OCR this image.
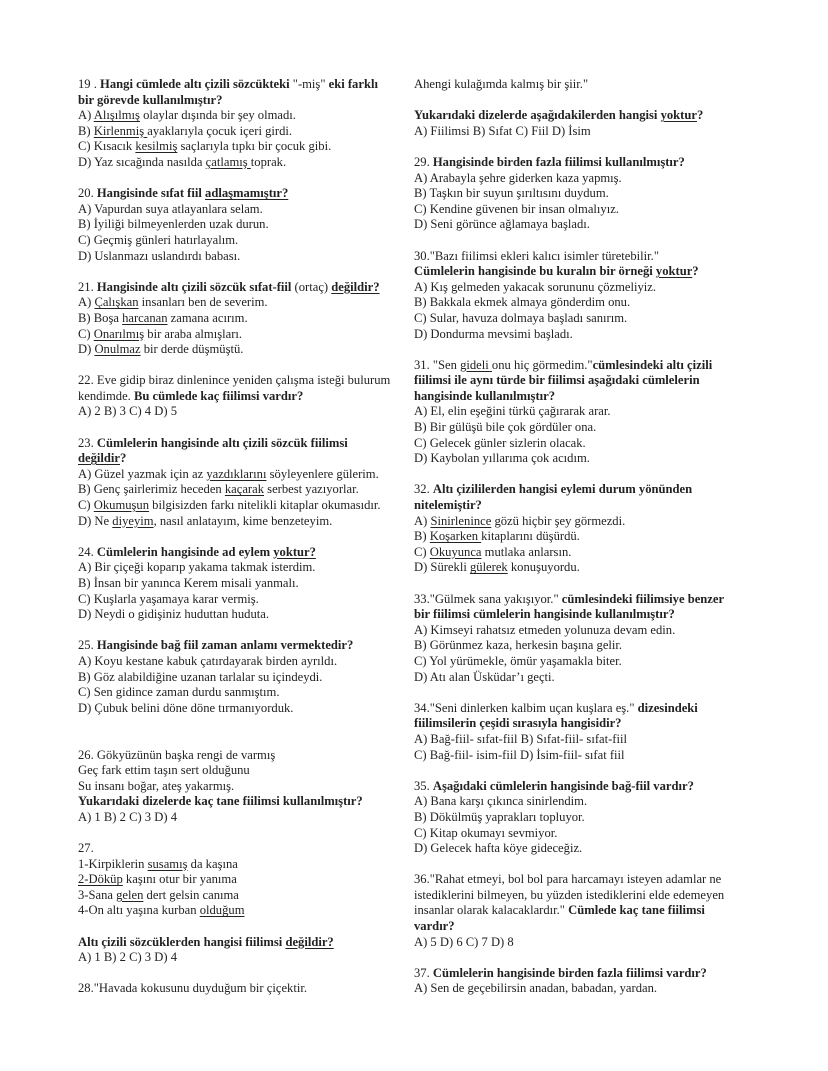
19 . Hangi cümlede altı çizili sözcükteki "-miş" eki farklı
bir görevde kullanılmıştır?
A) Alışılmış olaylar dışında bir şey olmadı.
B) Kirlenmiş ayaklarıyla çocuk içeri girdi.
C) Kısacık kesilmiş saçlarıyla tıpkı bir çocuk gibi.
D) Yaz sıcağında nasılda çatlamış toprak.
20. Hangisinde sıfat fiil adlaşmamıştır?
A) Vapurdan suya atlayanlara selam.
B) İyiliği bilmeyenlerden uzak durun.
C) Geçmiş günleri hatırlayalım.
D) Uslanmazı uslandırdı babası.
21. Hangisinde altı çizili sözcük sıfat-fiil (ortaç) değildir?
A) Çalışkan insanları ben de severim.
B) Boşa harcanan zamana acırım.
C) Onarılmış bir araba almışları.
D) Onulmaz bir derde düşmüştü.
22. Eve gidip biraz dinlenince yeniden çalışma isteği bulurum
kendimde. Bu cümlede kaç fiilimsi vardır?
A) 2 B) 3 C) 4 D) 5
23. Cümlelerin hangisinde altı çizili sözcük fiilimsi
değildir?
A) Güzel yazmak için az yazdıklarını söyleyenlere gülerim.
B) Genç şairlerimiz heceden kaçarak serbest yazıyorlar.
C) Okumuşun bilgisizden farkı nitelikli kitaplar okumasıdır.
D) Ne diyeyim, nasıl anlatayım, kime benzeteyim.
24. Cümlelerin hangisinde ad eylem yoktur?
A) Bir çiçeği koparıp yakama takmak isterdim.
B) İnsan bir yanınca Kerem misali yanmalı.
C) Kuşlarla yaşamaya karar vermiş.
D) Neydi o gidişiniz huduttan huduta.
25. Hangisinde bağ fiil zaman anlamı vermektedir?
A) Koyu kestane kabuk çatırdayarak birden ayrıldı.
B) Göz alabildiğine uzanan tarlalar su içindeydi.
C) Sen gidince zaman durdu sanmıştım.
D) Çubuk belini döne döne tırmanıyorduk.
26. Gökyüzünün başka rengi de varmış
Geç fark ettim taşın sert olduğunu
Su insanı boğar, ateş yakarmış.
Yukarıdaki dizelerde kaç tane fiilimsi kullanılmıştır?
A) 1 B) 2 C) 3 D) 4
27.
1-Kirpiklerin susamış da kaşına
2-Döküp kaşını otur bir yanıma
3-Sana gelen dert gelsin canıma
4-On altı yaşına kurban olduğum
Altı çizili sözcüklerden hangisi fiilimsi değildir?
A) 1 B) 2 C) 3 D) 4
28."Havada kokusunu duyduğum bir çiçektir.
Ahengi kulağımda kalmış bir şiir."
Yukarıdaki dizelerde aşağıdakilerden hangisi yoktur?
A) Fiilimsi B) Sıfat C) Fiil D) İsim
29. Hangisinde birden fazla fiilimsi kullanılmıştır?
A) Arabayla şehre giderken kaza yapmış.
B) Taşkın bir suyun şırıltısını duydum.
C) Kendine güvenen bir insan olmalıyız.
D) Seni görünce ağlamaya başladı.
30."Bazı fiilimsi ekleri kalıcı isimler türetebilir."
Cümlelerin hangisinde bu kuralın bir örneği yoktur?
A) Kış gelmeden yakacak sorununu çözmeliyiz.
B) Bakkala ekmek almaya gönderdim onu.
C) Sular, havuza dolmaya başladı sanırım.
D) Dondurma mevsimi başladı.
31. "Sen gideli onu hiç görmedim."cümlesindeki altı çizili
fiilimsi ile aynı türde bir fiilimsi aşağıdaki cümlelerin
hangisinde kullanılmıştır?
A) El, elin eşeğini türkü çağırarak arar.
B) Bir gülüşü bile çok gördüler ona.
C) Gelecek günler sizlerin olacak.
D) Kaybolan yıllarıma çok acıdım.
32. Altı çizililerden hangisi eylemi durum yönünden
nitelemiştir?
A) Sinirlenince gözü hiçbir şey görmezdi.
B) Koşarken kitaplarını düşürdü.
C) Okuyunca mutlaka anlarsın.
D) Sürekli gülerek konuşuyordu.
33."Gülmek sana yakışıyor." cümlesindeki fiilimsiye benzer
bir fiilimsi cümlelerin hangisinde kullanılmıştır?
A) Kimseyi rahatsız etmeden yolunuza devam edin.
B) Görünmez kaza, herkesin başına gelir.
C) Yol yürümekle, ömür yaşamakla biter.
D) Atı alan Üsküdar’ı geçti.
34."Seni dinlerken kalbim uçan kuşlara eş." dizesindeki
fiilimsilerin çeşidi sırasıyla hangisidir?
A) Bağ-fiil- sıfat-fiil B) Sıfat-fiil- sıfat-fiil
C) Bağ-fiil- isim-fiil D) İsim-fiil- sıfat fiil
35. Aşağıdaki cümlelerin hangisinde bağ-fiil vardır?
A) Bana karşı çıkınca sinirlendim.
B) Dökülmüş yaprakları topluyor.
C) Kitap okumayı sevmiyor.
D) Gelecek hafta köye gideceğiz.
36."Rahat etmeyi, bol bol para harcamayı isteyen adamlar ne
istediklerini bilmeyen, bu yüzden istediklerini elde edemeyen
insanlar olarak kalacaklardır." Cümlede kaç tane fiilimsi
vardır?
A) 5 D) 6 C) 7 D) 8
37. Cümlelerin hangisinde birden fazla fiilimsi vardır?
A) Sen de geçebilirsin anadan, babadan, yardan.
